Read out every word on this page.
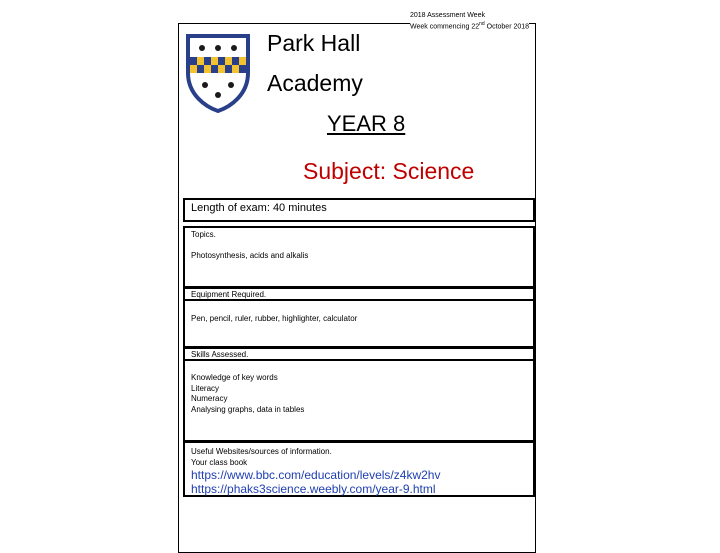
2018 Assessment Week
Week commencing 22nd October 2018
Park Hall
Academy
YEAR 8
Subject: Science
Length of exam: 40 minutes
Topics.
Photosynthesis, acids and alkalis
Equipment Required.
Pen, pencil, ruler, rubber, highlighter, calculator
Skills Assessed.
Knowledge of key words
Literacy
Numeracy
Analysing graphs, data in tables
Useful Websites/sources of information.
Your class book
https://www.bbc.com/education/levels/z4kw2hv
https://phaks3science.weebly.com/year-9.html
